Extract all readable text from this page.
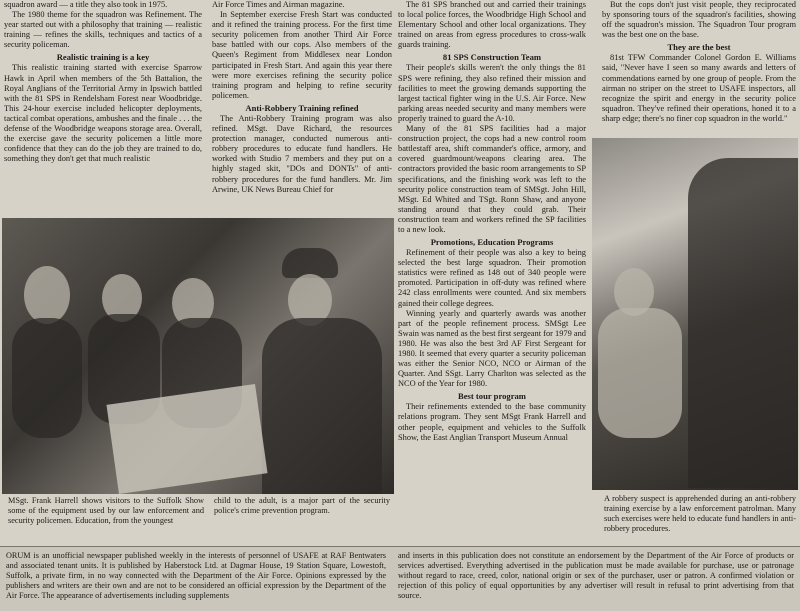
squadron award — a title they also took in 1975.

The 1980 theme for the squadron was Refinement. The year started out with a philosophy that training — realistic training — refines the skills, techniques and tactics of a security policeman.

Realistic training is a key

This realistic training started with exercise Sparrow Hawk in April when members of the 5th Battalion, the Royal Anglians of the Territorial Army in Ipswich battled with the 81 SPS in Rendelsham Forest near Woodbridge. This 24-hour exercise included helicopter deployments, tactical combat operations, ambushes and the finale . . . the defense of the Woodbridge weapons storage area. Overall, the exercise gave the security policemen a little more confidence that they can do the job they are trained to do, something they don't get that much realistic

Air Force Times and Airman magazine.

In September exercise Fresh Start was conducted and it refined the training process. For the first time security policemen from another Third Air Force base battled with our cops. Also members of the Queen's Regiment from Middlesex near London participated in Fresh Start. And again this year there were more exercises refining the security police training program and helping to refine security policemen.

Anti-Robbery Training refined

The Anti-Robbery Training program was also refined. MSgt. Dave Richard, the resources protection manager, conducted numerous anti-robbery procedures to educate fund handlers. He worked with Studio 7 members and they put on a highly staged skit, "DOs and DONTs" of anti-robbery procedures for the fund handlers. Mr. Jim Arwine, UK News Bureau Chief for

The 81 SPS branched out and carried their trainings to local police forces, the Woodbridge High School and Elementary School and other local organizations. They trained on areas from egress procedures to cross-walk guards training.

81 SPS Construction Team

Their people's skills weren't the only things the 81 SPS were refining, they also refined their mission and facilities to meet the growing demands supporting the largest tactical fighter wing in the U.S. Air Force. New parking areas needed security and many members were properly trained to guard the A-10.

Many of the 81 SPS facilities had a major construction project, the cops had a new control room battlestaff area, shift commander's office, armory, and covered guardmount/weapons clearing area. The contractors provided the basic room arrangements to SP specifications, and the finishing work was left to the security police construction team of SMSgt. John Hill, MSgt. Ed Whited and TSgt. Ronn Shaw, and anyone standing around that they could grab. Their construction team and workers refined the SP facilities to a new look.

Promotions, Education Programs

Refinement of their people was also a key to being selected the best large squadron. Their promotion statistics were refined as 148 out of 340 people were promoted. Participation in off-duty was refined where 242 class enrollments were counted. And six members gained their college degrees.

Winning yearly and quarterly awards was another part of the people refinement process. SMSgt Lee Swain was named as the best first sergeant for 1979 and 1980. He was also the best 3rd AF First Sergeant for 1980. It seemed that every quarter a security policeman was either the Senior NCO, NCO or Airman of the Quarter. And SSgt. Larry Charlton was selected as the NCO of the Year for 1980.

Best tour program

Their refinements extended to the base community relations program. They sent MSgt Frank Harrell and other people, equipment and vehicles to the Suffolk Show, the East Anglian Transport Museum Annual

But the cops don't just visit people, they reciprocated by sponsoring tours of the squadron's facilities, showing off the squadron's mission. The Squadron Tour program was the best one on the base.

They are the best

81st TFW Commander Colonel Gordon E. Williams said, "Never have I seen so many awards and letters of commendations earned by one group of people. From the airman no striper on the street to USAFE inspectors, all recognize the spirit and energy in the security police squadron. They've refined their operations, honed it to a sharp edge; there's no finer cop squadron in the world."

MSgt. Frank Harrell shows visitors to the Suffolk Show some of the equipment used by our law enforcement and security policemen. Education, from the youngest
child to the adult, is a major part of the security police's crime prevention program.
A robbery suspect is apprehended during an anti-robbery training exercise by a law enforcement patrolman. Many such exercises were held to educate fund handlers in anti-robbery procedures.
ORUM is an unofficial newspaper published weekly in the interests of personnel of USAFE at RAF Bentwaters and associated tenant units. It is published by Haberstock Ltd. at Dagmar House, 19 Station Square, Lowestoft, Suffolk, a private firm, in no way connected with the Department of the Air Force. Opinions expressed by the publishers and writers are their own and are not to be considered an official expression by the Department of the Air Force. The appearance of advertisements including supplements
and inserts in this publication does not constitute an endorsement by the Department of the Air Force of products or services advertised. Everything advertised in the publication must be made available for purchase, use or patronage without regard to race, creed, color, national origin or sex of the purchaser, user or patron. A confirmed violation or rejection of this policy of equal opportunities by any advertiser will result in refusal to print advertising from that source.
